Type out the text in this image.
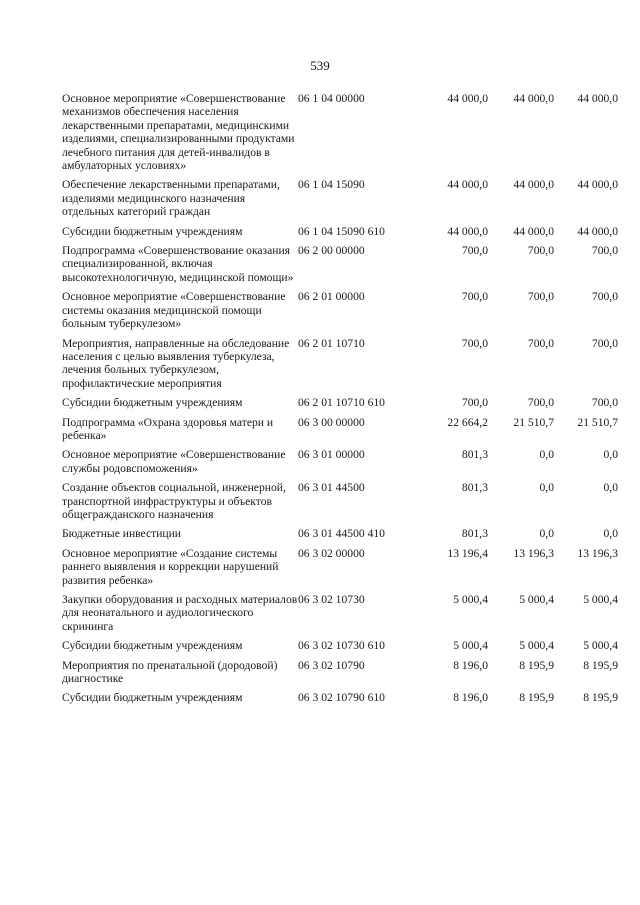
539
Основное мероприятие «Совершенствование механизмов обеспечения населения лекарственными препаратами, медицинскими изделиями, специализированными продуктами лечебного питания для детей-инвалидов в амбулаторных условиях»	06 1 04 00000	44 000,0	44 000,0	44 000,0
Обеспечение лекарственными препаратами, изделиями медицинского назначения отдельных категорий граждан	06 1 04 15090	44 000,0	44 000,0	44 000,0
Субсидии бюджетным учреждениям	06 1 04 15090 610	44 000,0	44 000,0	44 000,0
Подпрограмма «Совершенствование оказания специализированной, включая высокотехнологичную, медицинской помощи»	06 2 00 00000	700,0	700,0	700,0
Основное мероприятие «Совершенствование системы оказания медицинской помощи больным туберкулезом»	06 2 01 00000	700,0	700,0	700,0
Мероприятия, направленные на обследование населения с целью выявления туберкулеза, лечения больных туберкулезом, профилактические мероприятия	06 2 01 10710	700,0	700,0	700,0
Субсидии бюджетным учреждениям	06 2 01 10710 610	700,0	700,0	700,0
Подпрограмма «Охрана здоровья матери и ребенка»	06 3 00 00000	22 664,2	21 510,7	21 510,7
Основное мероприятие «Совершенствование службы родовспоможения»	06 3 01 00000	801,3	0,0	0,0
Создание объектов социальной, инженерной, транспортной инфраструктуры и объектов общегражданского назначения	06 3 01 44500	801,3	0,0	0,0
Бюджетные инвестиции	06 3 01 44500 410	801,3	0,0	0,0
Основное мероприятие «Создание системы раннего выявления и коррекции нарушений развития ребенка»	06 3 02 00000	13 196,4	13 196,3	13 196,3
Закупки оборудования и расходных материалов для неонатального и аудиологического скрининга	06 3 02 10730	5 000,4	5 000,4	5 000,4
Субсидии бюджетным учреждениям	06 3 02 10730 610	5 000,4	5 000,4	5 000,4
Мероприятия по пренатальной (дородовой) диагностике	06 3 02 10790	8 196,0	8 195,9	8 195,9
Субсидии бюджетным учреждениям	06 3 02 10790 610	8 196,0	8 195,9	8 195,9
